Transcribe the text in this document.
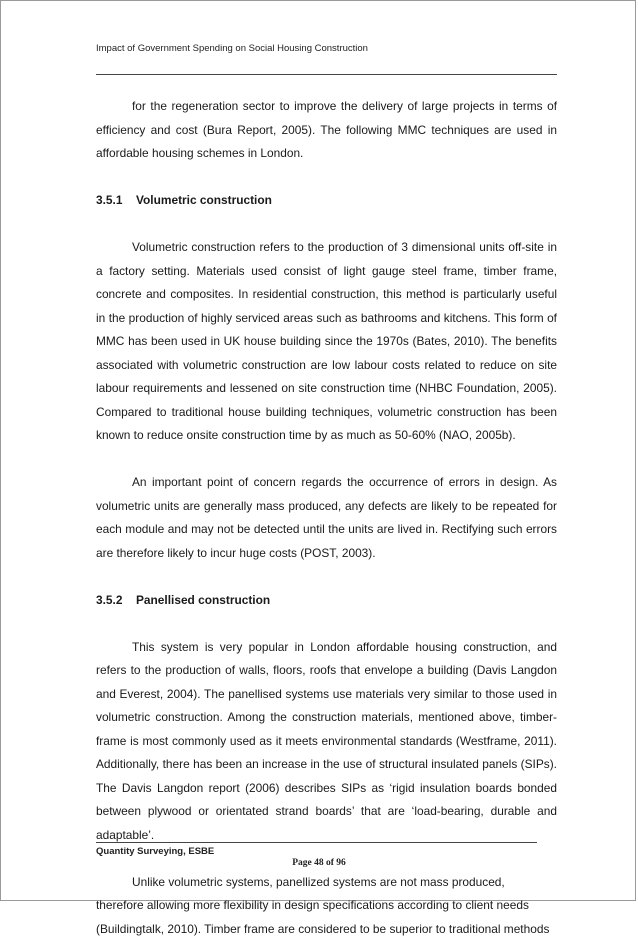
Impact of Government Spending on Social Housing Construction

for the regeneration sector to improve the delivery of large projects in terms of efficiency and cost (Bura Report, 2005). The following MMC techniques are used in affordable housing schemes in London.

3.5.1 Volumetric construction

Volumetric construction refers to the production of 3 dimensional units off-site in a factory setting. Materials used consist of light gauge steel frame, timber frame, concrete and composites. In residential construction, this method is particularly useful in the production of highly serviced areas such as bathrooms and kitchens. This form of MMC has been used in UK house building since the 1970s (Bates, 2010). The benefits associated with volumetric construction are low labour costs related to reduce on site labour requirements and lessened on site construction time (NHBC Foundation, 2005). Compared to traditional house building techniques, volumetric construction has been known to reduce onsite construction time by as much as 50-60% (NAO, 2005b).

An important point of concern regards the occurrence of errors in design. As volumetric units are generally mass produced, any defects are likely to be repeated for each module and may not be detected until the units are lived in. Rectifying such errors are therefore likely to incur huge costs (POST, 2003).

3.5.2 Panellised construction

This system is very popular in London affordable housing construction, and refers to the production of walls, floors, roofs that envelope a building (Davis Langdon and Everest, 2004). The panellised systems use materials very similar to those used in volumetric construction. Among the construction materials, mentioned above, timber-frame is most commonly used as it meets environmental standards (Westframe, 2011). Additionally, there has been an increase in the use of structural insulated panels (SIPs). The Davis Langdon report (2006) describes SIPs as ‘rigid insulation boards bonded between plywood or orientated strand boards’ that are ‘load-bearing, durable and adaptable’.

Unlike volumetric systems, panellized systems are not mass produced,

therefore allowing more flexibility in design specifications according to client needs (Buildingtalk, 2010). Timber frame are considered to be superior to traditional methods

Quantity Surveying, ESBE
Page 48 of 96
